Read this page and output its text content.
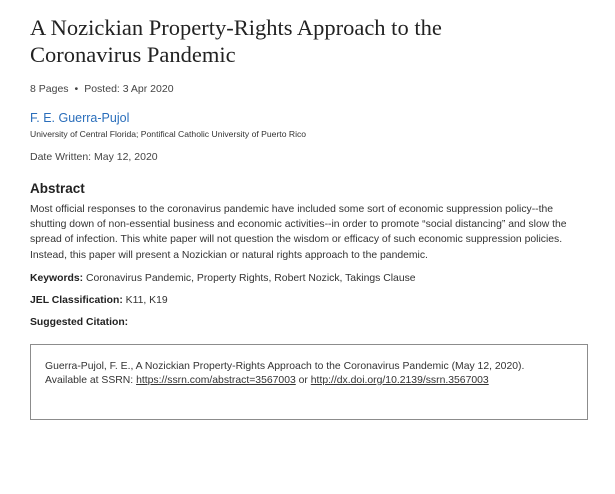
A Nozickian Property-Rights Approach to the Coronavirus Pandemic
8 Pages • Posted: 3 Apr 2020
F. E. Guerra-Pujol
University of Central Florida; Pontifical Catholic University of Puerto Rico
Date Written: May 12, 2020
Abstract
Most official responses to the coronavirus pandemic have included some sort of economic suppression policy--the shutting down of non-essential business and economic activities--in order to promote “social distancing” and slow the spread of infection. This white paper will not question the wisdom or efficacy of such economic suppression policies. Instead, this paper will present a Nozickian or natural rights approach to the pandemic.
Keywords: Coronavirus Pandemic, Property Rights, Robert Nozick, Takings Clause
JEL Classification: K11, K19
Suggested Citation:
Guerra-Pujol, F. E., A Nozickian Property-Rights Approach to the Coronavirus Pandemic (May 12, 2020). Available at SSRN: https://ssrn.com/abstract=3567003 or http://dx.doi.org/10.2139/ssrn.3567003
